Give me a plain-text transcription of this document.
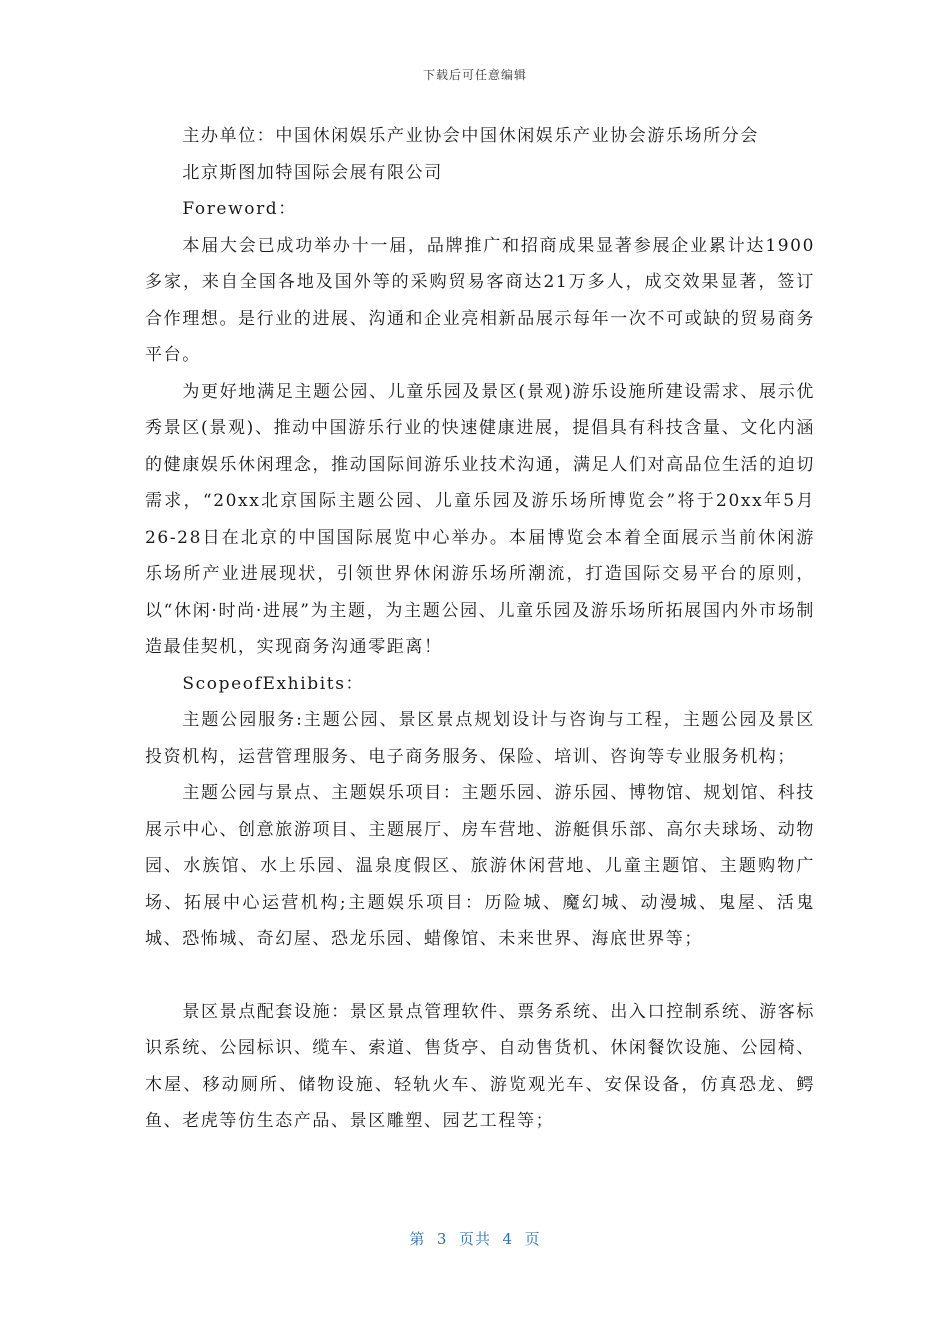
下载后可任意编辑

主办单位：中国休闲娱乐产业协会中国休闲娱乐产业协会游乐场所分会

北京斯图加特国际会展有限公司

Foreword：

本届大会已成功举办十一届，品牌推广和招商成果显著参展企业累计达1900多家，来自全国各地及国外等的采购贸易客商达21万多人，成交效果显著，签订合作理想。是行业的进展、沟通和企业亮相新品展示每年一次不可或缺的贸易商务平台。

为更好地满足主题公园、儿童乐园及景区(景观)游乐设施所建设需求、展示优秀景区(景观)、推动中国游乐行业的快速健康进展，提倡具有科技含量、文化内涵的健康娱乐休闲理念，推动国际间游乐业技术沟通，满足人们对高品位生活的迫切需求，“20xx北京国际主题公园、儿童乐园及游乐场所博览会”将于20xx年5月26-28日在北京的中国国际展览中心举办。本届博览会本着全面展示当前休闲游乐场所产业进展现状，引领世界休闲游乐场所潮流，打造国际交易平台的原则，以“休闲·时尚·进展”为主题，为主题公园、儿童乐园及游乐场所拓展国内外市场制造最佳契机，实现商务沟通零距离！

ScopeofExhibits：

主题公园服务:主题公园、景区景点规划设计与咨询与工程，主题公园及景区投资机构，运营管理服务、电子商务服务、保险、培训、咨询等专业服务机构；

主题公园与景点、主题娱乐项目：主题乐园、游乐园、博物馆、规划馆、科技展示中心、创意旅游项目、主题展厅、房车营地、游艇俱乐部、高尔夫球场、动物园、水族馆、水上乐园、温泉度假区、旅游休闲营地、儿童主题馆、主题购物广场、拓展中心运营机构;主题娱乐项目：历险城、魔幻城、动漫城、鬼屋、活鬼城、恐怖城、奇幻屋、恐龙乐园、蜡像馆、未来世界、海底世界等；

景区景点配套设施：景区景点管理软件、票务系统、出入口控制系统、游客标识系统、公园标识、缆车、索道、售货亭、自动售货机、休闲餐饮设施、公园椅、木屋、移动厕所、储物设施、轻轨火车、游览观光车、安保设备，仿真恐龙、鳄鱼、老虎等仿生态产品、景区雕塑、园艺工程等；

第  3  页共  4  页
